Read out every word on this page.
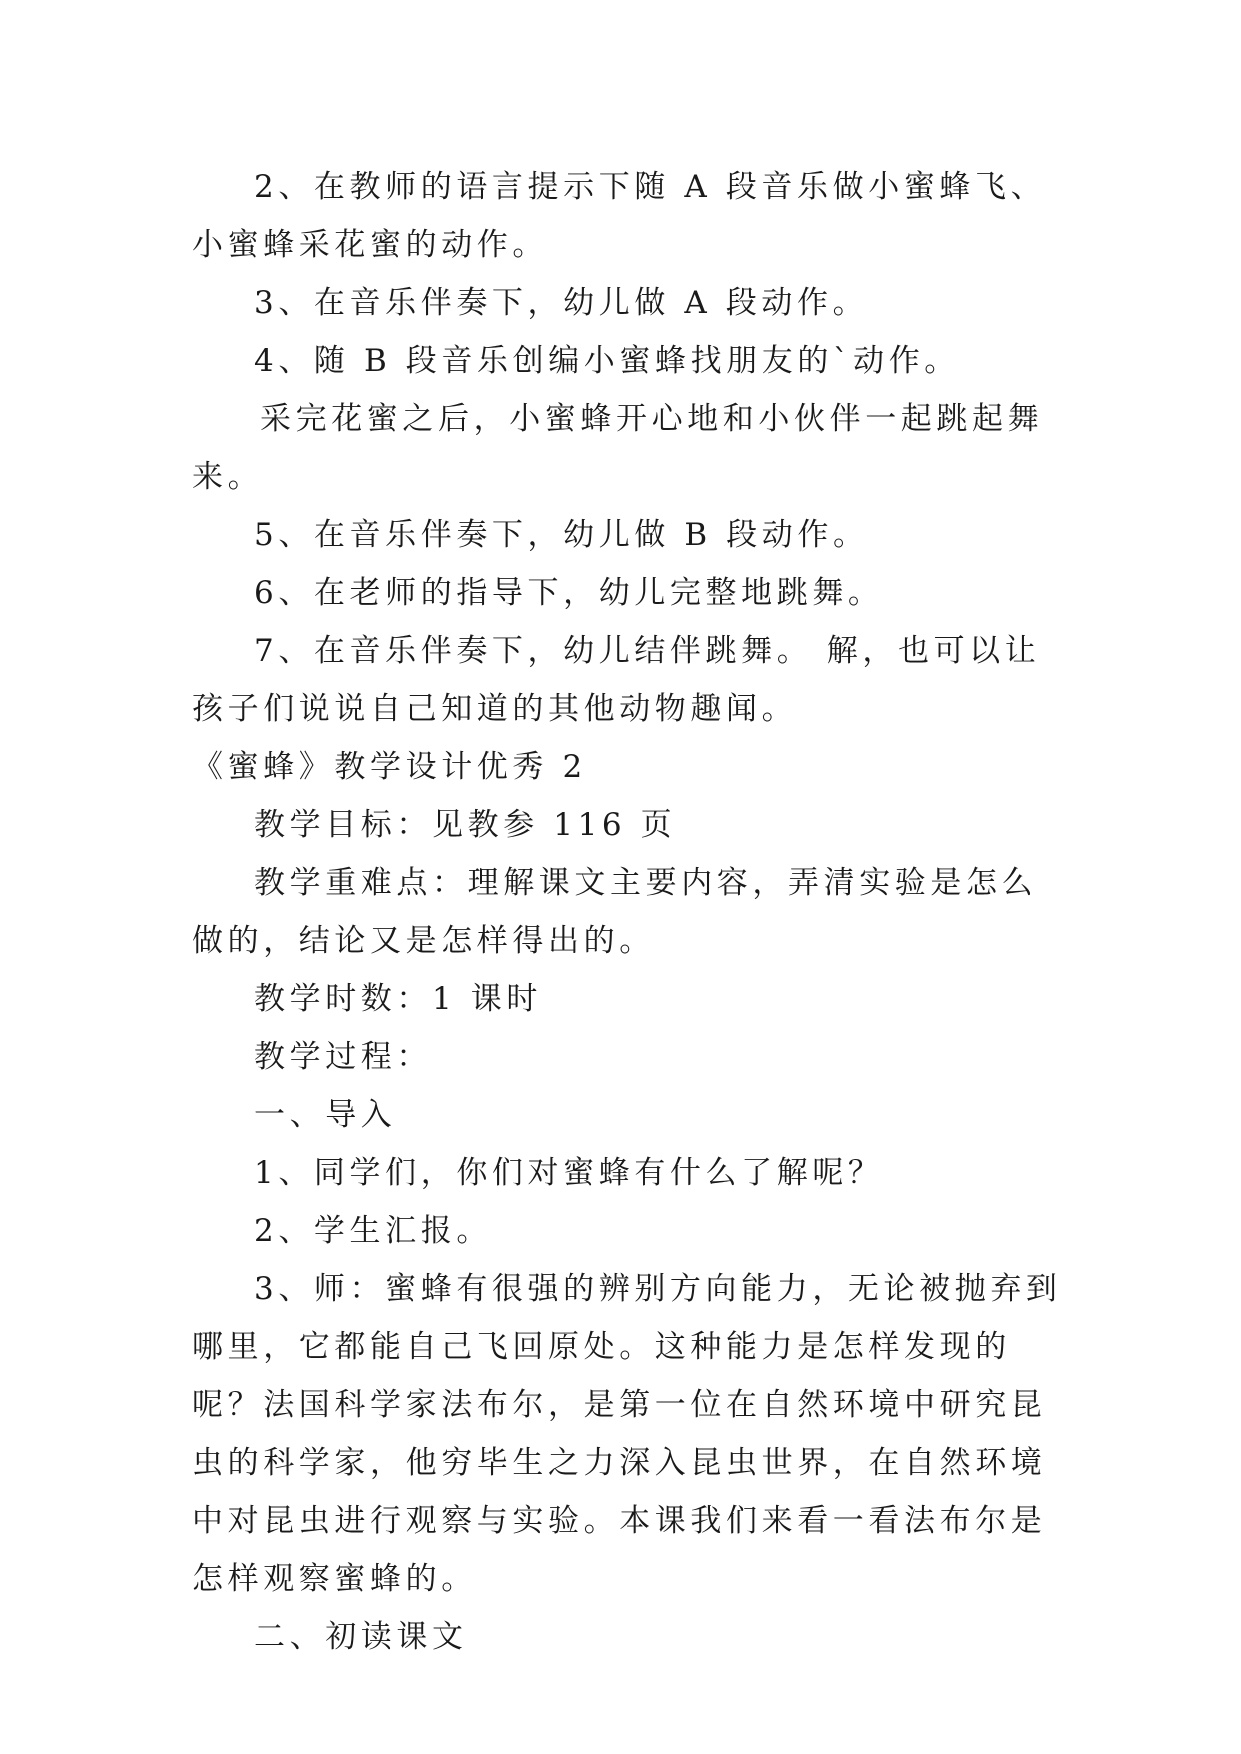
2、在教师的语言提示下随 A 段音乐做小蜜蜂飞、小蜜蜂采花蜜的动作。

3、在音乐伴奏下，幼儿做 A 段动作。

4、随 B 段音乐创编小蜜蜂找朋友的`动作。

采完花蜜之后，小蜜蜂开心地和小伙伴一起跳起舞来。

5、在音乐伴奏下，幼儿做 B 段动作。

6、在老师的指导下，幼儿完整地跳舞。

7、在音乐伴奏下，幼儿结伴跳舞。 解，也可以让孩子们说说自己知道的其他动物趣闻。

《蜜蜂》教学设计优秀 2

教学目标：见教参 116 页

教学重难点：理解课文主要内容，弄清实验是怎么做的，结论又是怎样得出的。

教学时数：1 课时

教学过程：

一、导入

1、同学们，你们对蜜蜂有什么了解呢？

2、学生汇报。

3、师：蜜蜂有很强的辨别方向能力，无论被抛弃到哪里，它都能自己飞回原处。这种能力是怎样发现的呢？法国科学家法布尔，是第一位在自然环境中研究昆虫的科学家，他穷毕生之力深入昆虫世界，在自然环境中对昆虫进行观察与实验。本课我们来看一看法布尔是怎样观察蜜蜂的。

二、初读课文
